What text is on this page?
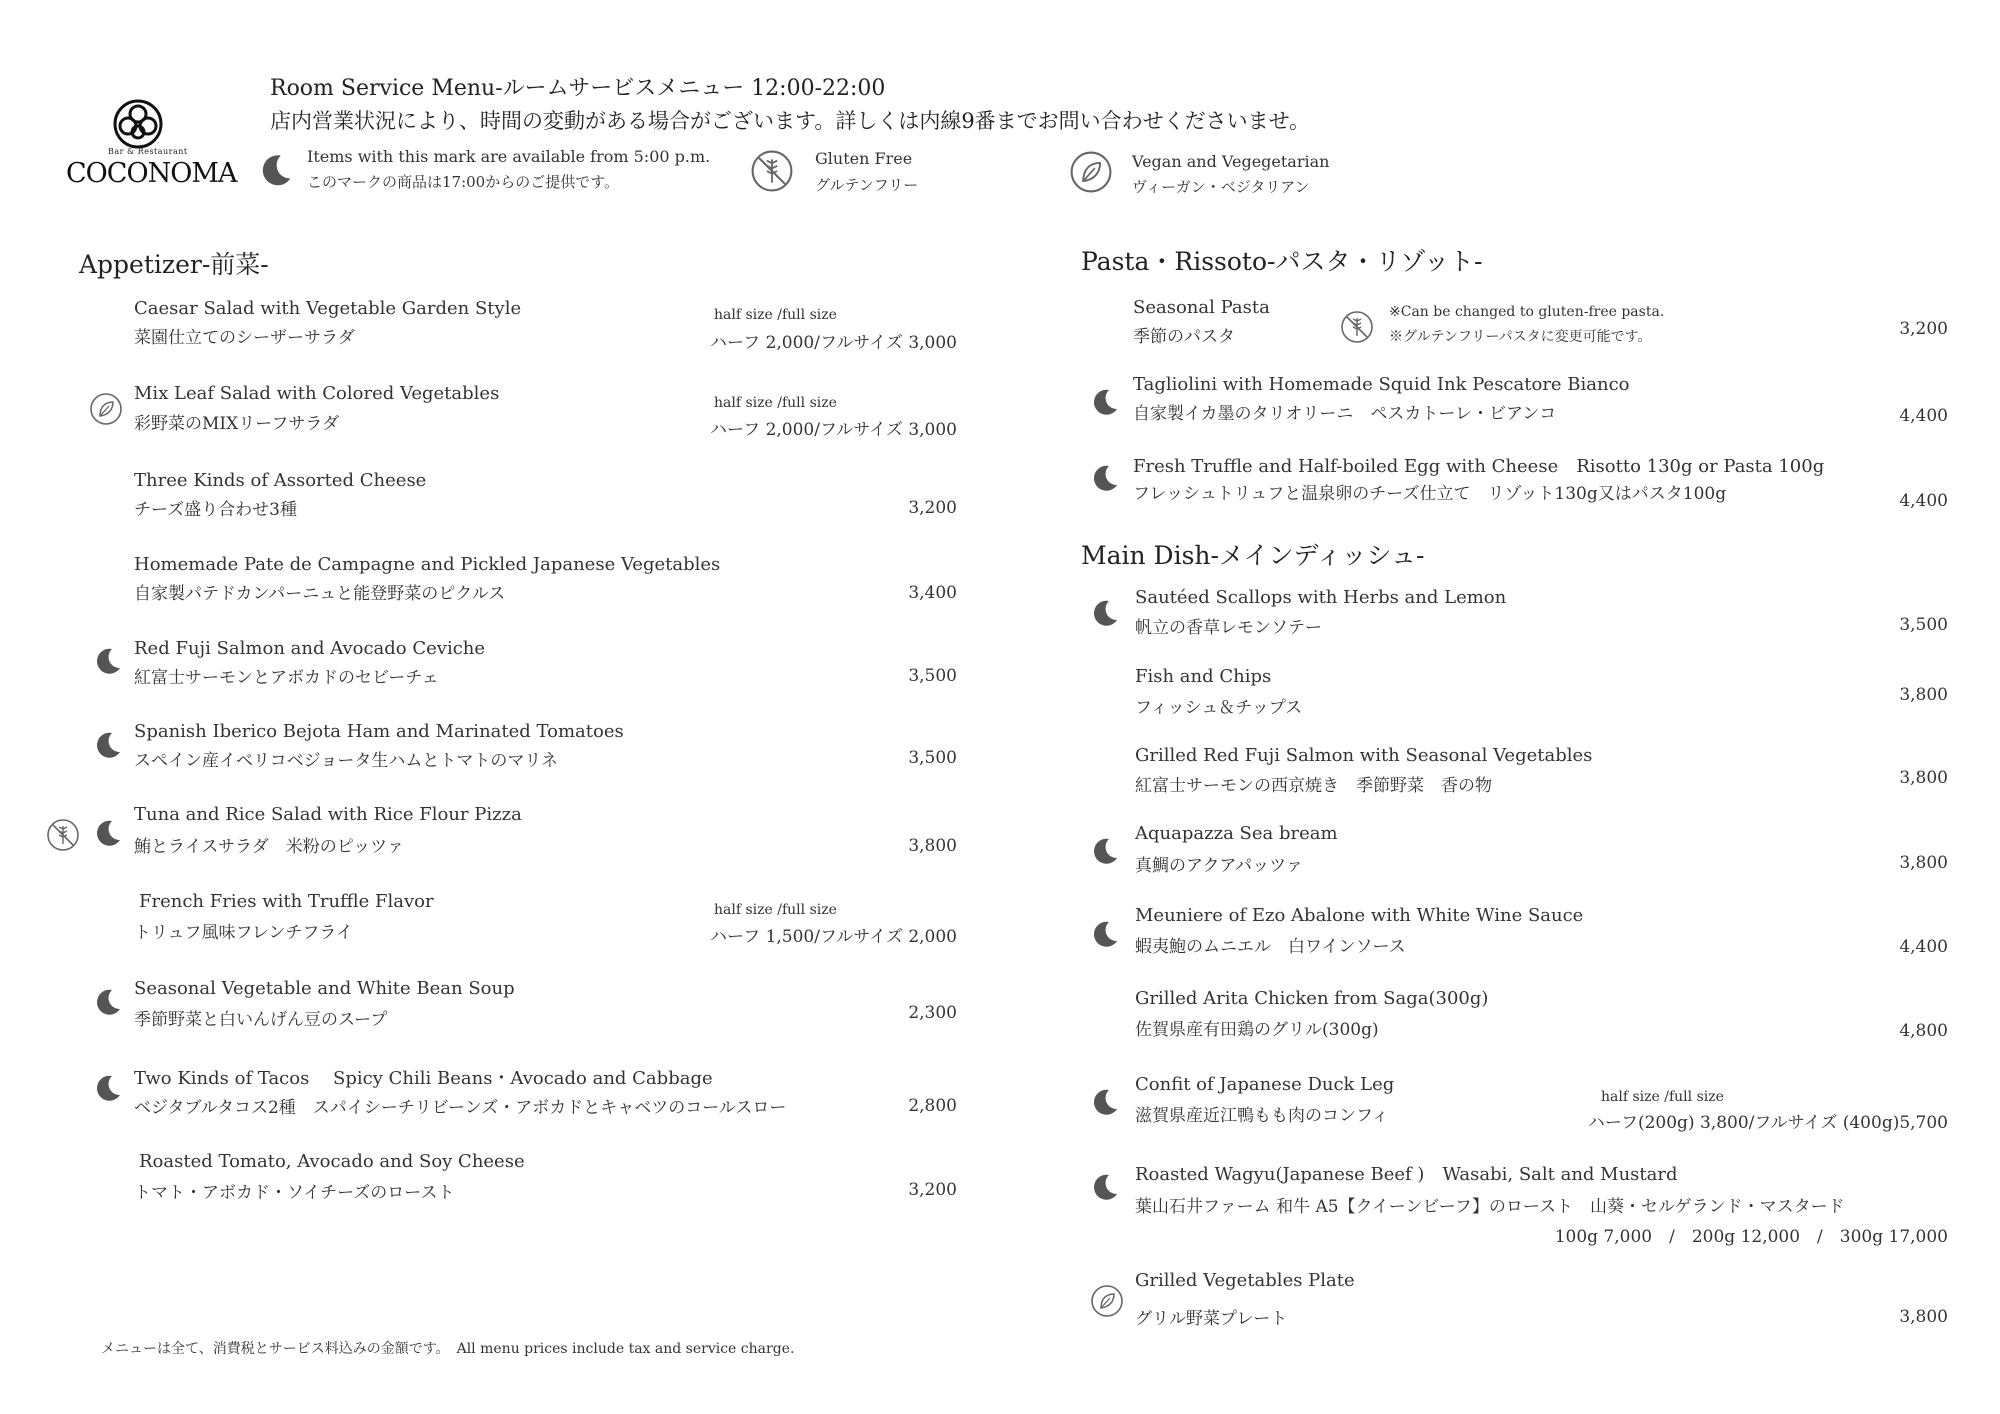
Bar & Restaurant
COCONOMA
Room Service Menu-ルームサービスメニュー 12:00-22:00
店内営業状況により、時間の変動がある場合がございます。詳しくは内線9番までお問い合わせくださいませ。
Items with this mark are available from 5:00 p.m.
このマークの商品は17:00からのご提供です。
Gluten Free
グルテンフリー
Vegan and Vegegetarian
ヴィーガン・ベジタリアン
Appetizer-前菜-
Caesar Salad with Vegetable Garden Style
菜園仕立てのシーザーサラダ
half size /full size
ハーフ 2,000/フルサイズ 3,000
Mix Leaf Salad with Colored Vegetables
彩野菜のMIXリーフサラダ
half size /full size
ハーフ 2,000/フルサイズ 3,000
Three Kinds of Assorted Cheese
チーズ盛り合わせ3種	3,200
Homemade Pate de Campagne and Pickled Japanese Vegetables
自家製パテドカンパーニュと能登野菜のピクルス	3,400
Red Fuji Salmon and Avocado Ceviche
紅富士サーモンとアボカドのセビーチェ	3,500
Spanish Iberico Bejota Ham and Marinated Tomatoes
スペイン産イベリコベジョータ生ハムとトマトのマリネ	3,500
Tuna and Rice Salad with Rice Flour Pizza
鮪とライスサラダ　米粉のピッツァ	3,800
French Fries with Truffle Flavor
トリュフ風味フレンチフライ
half size /full size
ハーフ 1,500/フルサイズ 2,000
Seasonal Vegetable and White Bean Soup
季節野菜と白いんげん豆のスープ	2,300
Two Kinds of Tacos　 Spicy Chili Beans・Avocado and Cabbage
ベジタブルタコス2種　スパイシーチリビーンズ・アボカドとキャベツのコールスロー	2,800
Roasted Tomato, Avocado and Soy Cheese
トマト・アボカド・ソイチーズのロースト	3,200
Pasta・Rissoto-パスタ・リゾット-
Seasonal Pasta
季節のパスタ
※Can be changed to gluten-free pasta.
※グルテンフリーパスタに変更可能です。	3,200
Tagliolini with Homemade Squid Ink Pescatore Bianco
自家製イカ墨のタリオリーニ　ペスカトーレ・ビアンコ	4,400
Fresh Truffle and Half-boiled Egg with Cheese　Risotto 130g or Pasta 100g
フレッシュトリュフと温泉卵のチーズ仕立て　リゾット130g又はパスタ100g	4,400
Main Dish-メインディッシュ-
Sautéed Scallops with Herbs and Lemon
帆立の香草レモンソテー	3,500
Fish and Chips
フィッシュ＆チップス
3,800
Grilled Red Fuji Salmon with Seasonal Vegetables
紅富士サーモンの西京焼き　季節野菜　香の物	3,800
Aquapazza Sea bream
真鯛のアクアパッツァ	3,800
Meuniere of Ezo Abalone with White Wine Sauce
蝦夷鮑のムニエル　白ワインソース	4,400
Grilled Arita Chicken from Saga(300g)
佐賀県産有田鶏のグリル(300g)	4,800
Confit of Japanese Duck Leg
滋賀県産近江鴨もも肉のコンフィ
half size /full size
ハーフ(200g) 3,800/フルサイズ (400g)5,700
Roasted Wagyu(Japanese Beef )　Wasabi, Salt and Mustard
葉山石井ファーム 和牛 A5【クイーンビーフ】のロースト　山葵・セルゲランド・マスタード
100g 7,000　/　200g 12,000　/　300g 17,000
Grilled Vegetables Plate
グリル野菜プレート	3,800
メニューは全て、消費税とサービス料込みの金額です。　All menu prices include tax and service charge.
